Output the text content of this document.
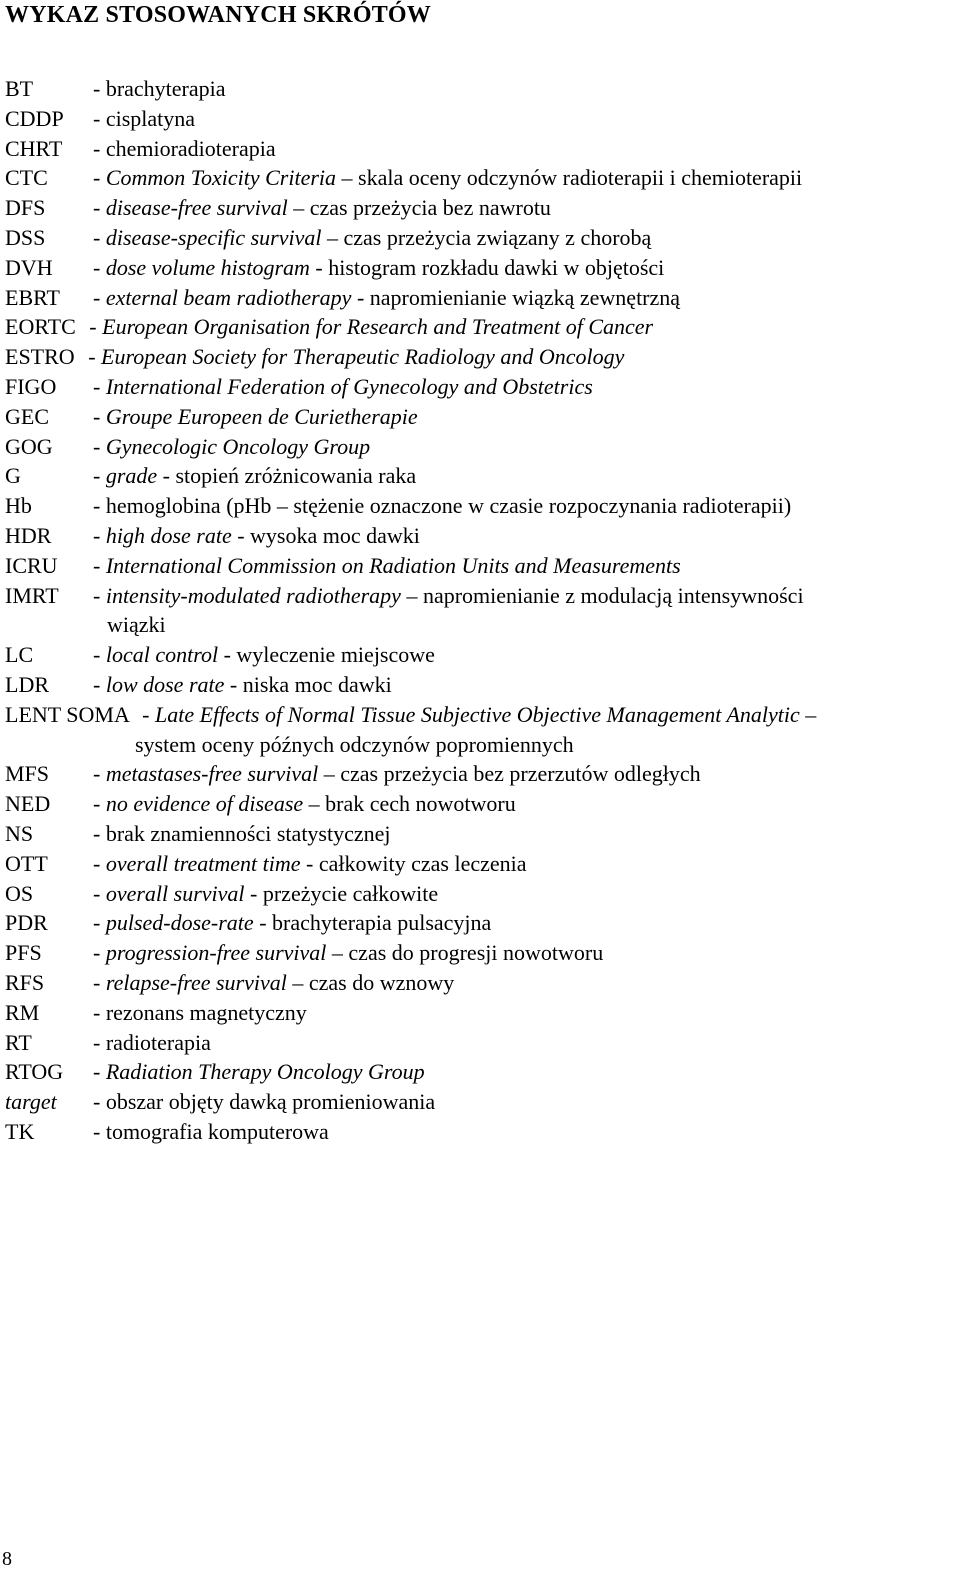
WYKAZ STOSOWANYCH SKRÓTÓW
BT	- brachyterapia
CDDP - cisplatyna
CHRT - chemioradioterapia
CTC - Common Toxicity Criteria – skala oceny odczynów radioterapii i chemioterapii
DFS - disease-free survival – czas przeżycia bez nawrotu
DSS - disease-specific survival – czas przeżycia związany z chorobą
DVH - dose volume histogram - histogram rozkładu dawki w objętości
EBRT - external beam radiotherapy - napromienianie wiązką zewnętrzną
EORTC - European Organisation for Research and Treatment of Cancer
ESTRO - European Society for Therapeutic Radiology and Oncology
FIGO - International Federation of Gynecology and Obstetrics
GEC - Groupe Europeen de Curietherapie
GOG - Gynecologic Oncology Group
G	- grade - stopień zróżnicowania raka
Hb	- hemoglobina (pHb – stężenie oznaczone w czasie rozpoczynania radioterapii)
HDR - high dose rate - wysoka moc dawki
ICRU - International Commission on Radiation Units and Measurements
IMRT - intensity-modulated radiotherapy – napromienianie z modulacją intensywności
wiązki
LC	- local control - wyleczenie miejscowe
LDR - low dose rate - niska moc dawki
LENT SOMA - Late Effects of Normal Tissue Subjective Objective Management Analytic –
system oceny późnych odczynów popromiennych
MFS - metastases-free survival – czas przeżycia bez przerzutów odległych
NED - no evidence of disease – brak cech nowotworu
NS	- brak znamienności statystycznej
OTT - overall treatment time - całkowity czas leczenia
OS	- overall survival - przeżycie całkowite
PDR - pulsed-dose-rate - brachyterapia pulsacyjna
PFS - progression-free survival – czas do progresji nowotworu
RFS - relapse-free survival – czas do wznowy
RM - rezonans magnetyczny
RT	- radioterapia
RTOG - Radiation Therapy Oncology Group
target - obszar objęty dawką promieniowania
TK	- tomografia komputerowa
8
